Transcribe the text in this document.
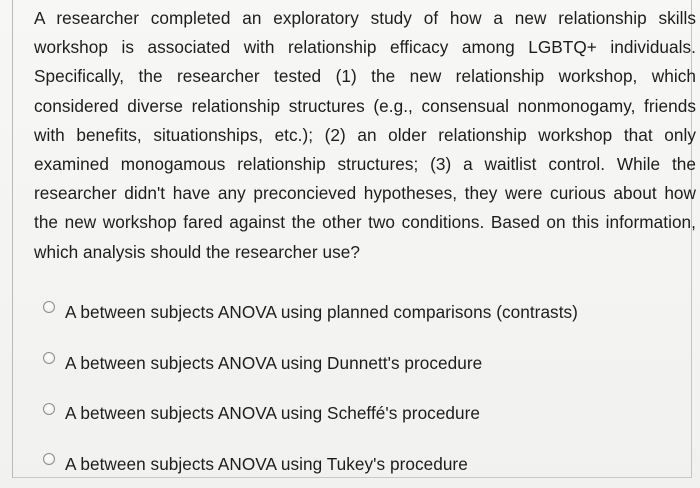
A researcher completed an exploratory study of how a new relationship skills workshop is associated with relationship efficacy among LGBTQ+ individuals. Specifically, the researcher tested (1) the new relationship workshop, which considered diverse relationship structures (e.g., consensual nonmonogamy, friends with benefits, situationships, etc.); (2) an older relationship workshop that only examined monogamous relationship structures; (3) a waitlist control. While the researcher didn't have any preconcieved hypotheses, they were curious about how the new workshop fared against the other two conditions. Based on this information, which analysis should the researcher use?

A between subjects ANOVA using planned comparisons (contrasts)
A between subjects ANOVA using Dunnett's procedure
A between subjects ANOVA using Scheffé's procedure
A between subjects ANOVA using Tukey's procedure
